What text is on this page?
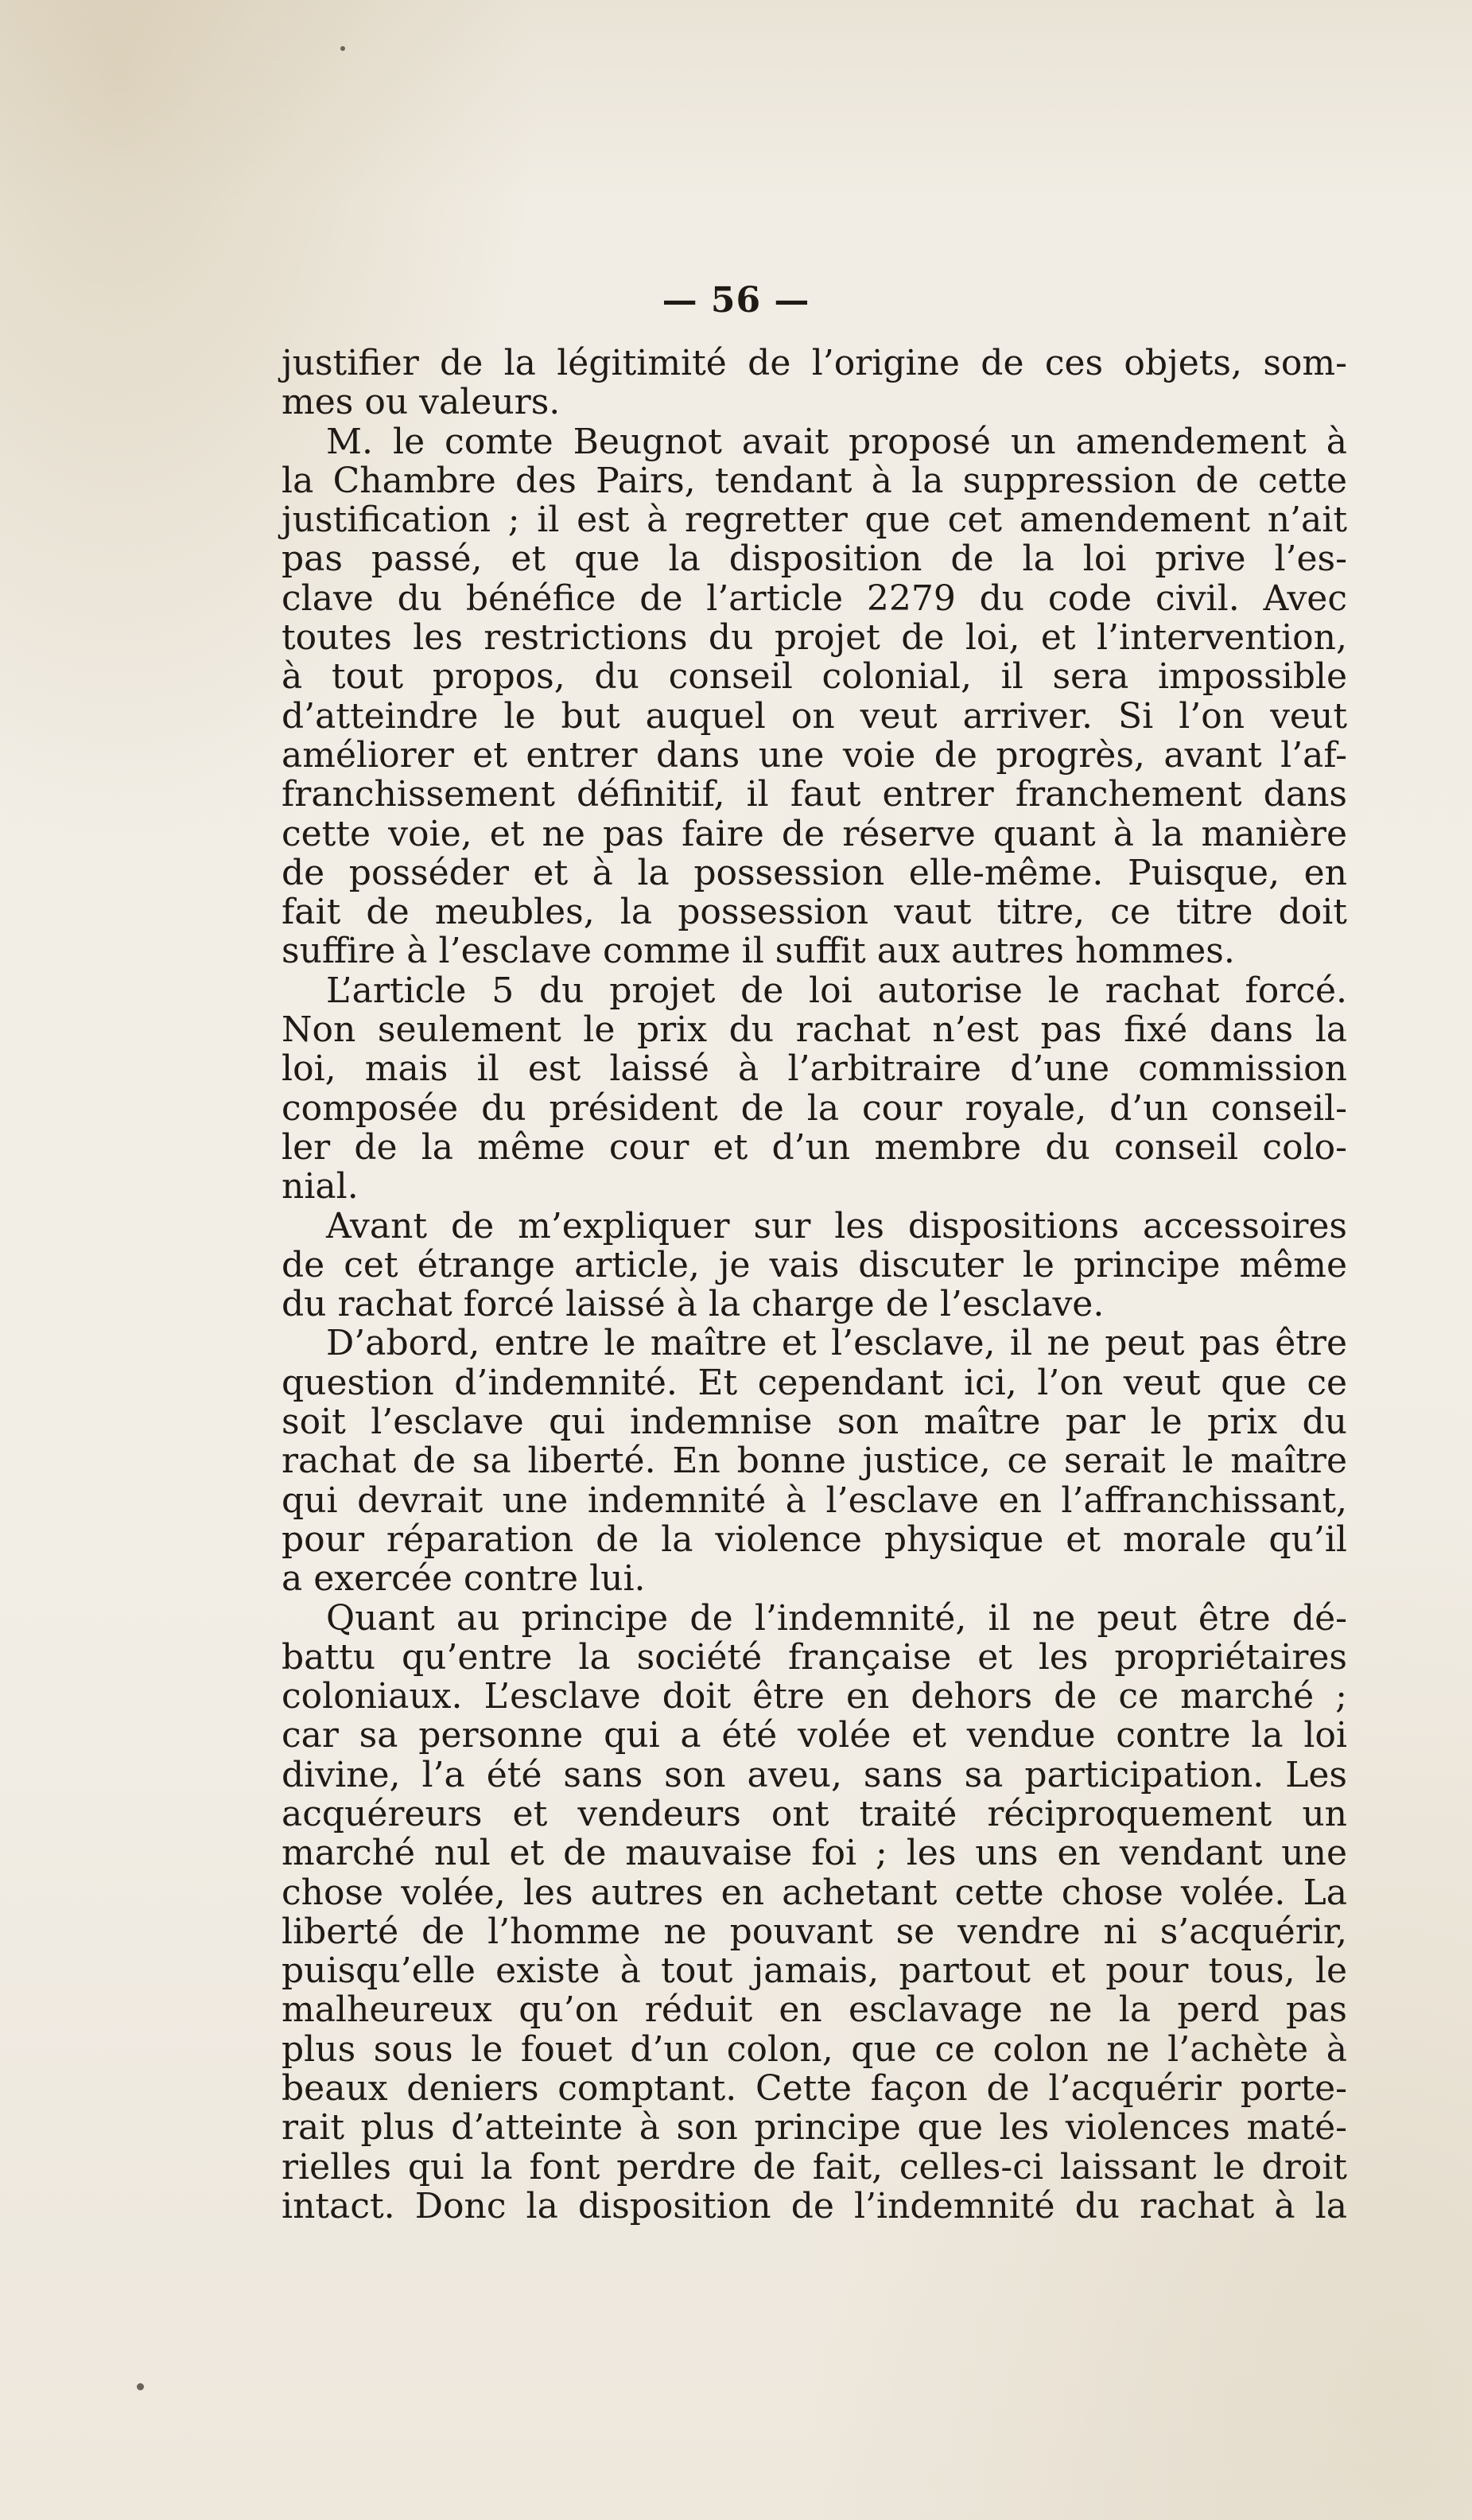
— 56 —
justifier de la légitimité de l’origine de ces objets, som-
mes ou valeurs.
M. le comte Beugnot avait proposé un amendement à
la Chambre des Pairs, tendant à la suppression de cette
justification ; il est à regretter que cet amendement n’ait
pas passé, et que la disposition de la loi prive l’es-
clave du bénéfice de l’article 2279 du code civil. Avec
toutes les restrictions du projet de loi, et l’intervention,
à tout propos, du conseil colonial, il sera impossible
d’atteindre le but auquel on veut arriver. Si l’on veut
améliorer et entrer dans une voie de progrès, avant l’af-
franchissement définitif, il faut entrer franchement dans
cette voie, et ne pas faire de réserve quant à la manière
de posséder et à la possession elle-même. Puisque, en
fait de meubles, la possession vaut titre, ce titre doit
suffire à l’esclave comme il suffit aux autres hommes.
L’article 5 du projet de loi autorise le rachat forcé.
Non seulement le prix du rachat n’est pas fixé dans la
loi, mais il est laissé à l’arbitraire d’une commission
composée du président de la cour royale, d’un conseil-
ler de la même cour et d’un membre du conseil colo-
nial.
Avant de m’expliquer sur les dispositions accessoires
de cet étrange article, je vais discuter le principe même
du rachat forcé laissé à la charge de l’esclave.
D’abord, entre le maître et l’esclave, il ne peut pas être
question d’indemnité. Et cependant ici, l’on veut que ce
soit l’esclave qui indemnise son maître par le prix du
rachat de sa liberté. En bonne justice, ce serait le maître
qui devrait une indemnité à l’esclave en l’affranchissant,
pour réparation de la violence physique et morale qu’il
a exercée contre lui.
Quant au principe de l’indemnité, il ne peut être dé-
battu qu’entre la société française et les propriétaires
coloniaux. L’esclave doit être en dehors de ce marché ;
car sa personne qui a été volée et vendue contre la loi
divine, l’a été sans son aveu, sans sa participation. Les
acquéreurs et vendeurs ont traité réciproquement un
marché nul et de mauvaise foi ; les uns en vendant une
chose volée, les autres en achetant cette chose volée. La
liberté de l’homme ne pouvant se vendre ni s’acquérir,
puisqu’elle existe à tout jamais, partout et pour tous, le
malheureux qu’on réduit en esclavage ne la perd pas
plus sous le fouet d’un colon, que ce colon ne l’achète à
beaux deniers comptant. Cette façon de l’acquérir porte-
rait plus d’atteinte à son principe que les violences maté-
rielles qui la font perdre de fait, celles-ci laissant le droit
intact. Donc la disposition de l’indemnité du rachat à la
